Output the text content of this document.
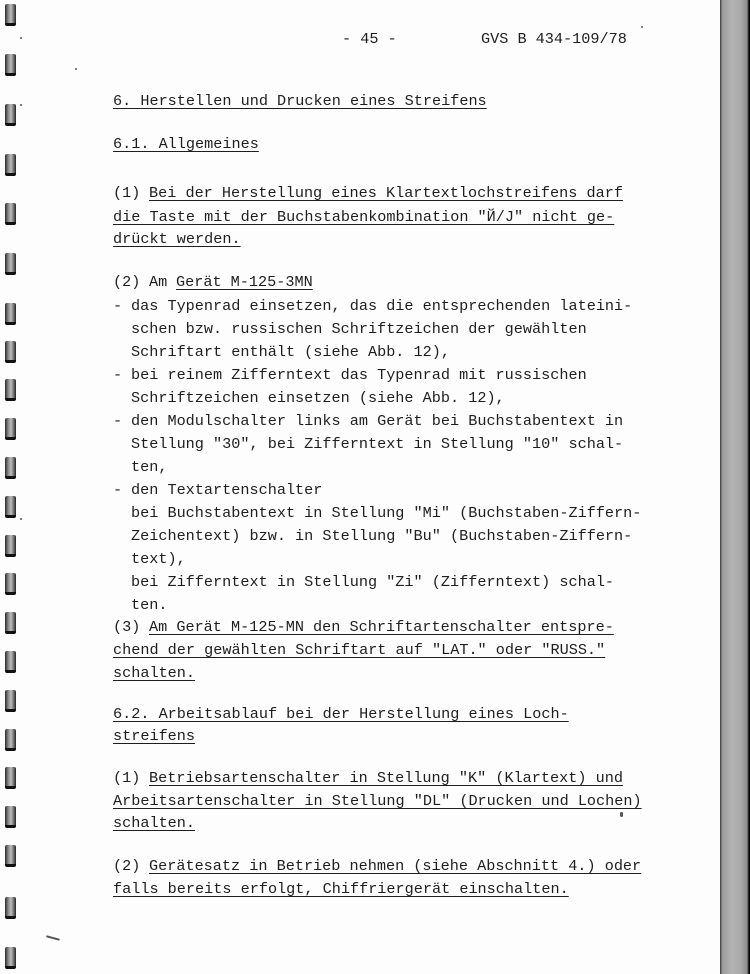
- 45 -	GVS B 434-109/78
6. Herstellen und Drucken eines Streifens
6.1. Allgemeines
(1) Bei der Herstellung eines Klartextlochstreifens darf
die Taste mit der Buchstabenkombination "Й/J" nicht ge-
drückt werden.
(2) Am Gerät M-125-3MN
- das Typenrad einsetzen, das die entsprechenden lateini-
schen bzw. russischen Schriftzeichen der gewählten
Schriftart enthält (siehe Abb. 12),
- bei reinem Zifferntext das Typenrad mit russischen
Schriftzeichen einsetzen (siehe Abb. 12),
- den Modulschalter links am Gerät bei Buchstabentext in
Stellung "30", bei Zifferntext in Stellung "10" schal-
ten,
- den Textartenschalter
bei Buchstabentext in Stellung "Mi" (Buchstaben-Ziffern-
Zeichentext) bzw. in Stellung "Bu" (Buchstaben-Ziffern-
text),
bei Zifferntext in Stellung "Zi" (Zifferntext) schal-
ten.
(3) Am Gerät M-125-MN den Schriftartenschalter entspre-
chend der gewählten Schriftart auf "LAT." oder "RUSS."
schalten.
6.2. Arbeitsablauf bei der Herstellung eines Loch-
streifens
(1) Betriebsartenschalter in Stellung "K" (Klartext) und
Arbeitsartenschalter in Stellung "DL" (Drucken und Lochen)
schalten.
(2) Gerätesatz in Betrieb nehmen (siehe Abschnitt 4.) oder
falls bereits erfolgt, Chiffriergerät einschalten.
